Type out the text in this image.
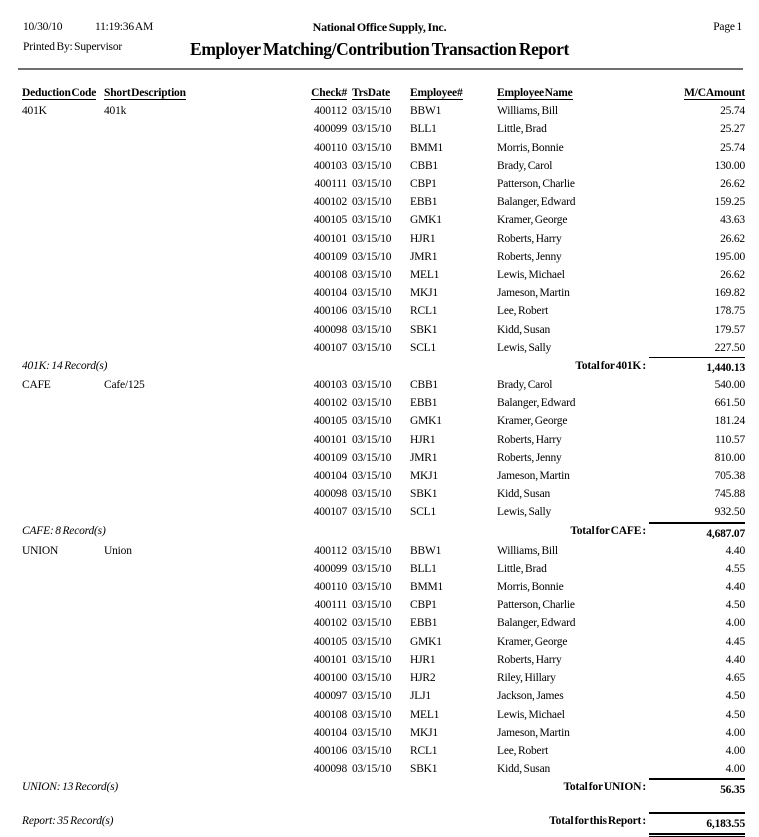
10/30/10	11:19:36 AM	National Office Supply, Inc.	Page 1
Printed By: Supervisor	Employer Matching/Contribution Transaction Report
Deduction Code Short Description	Check# TrsDate	Employee#	Employee Name	M/C Amount
401K	401k	400112 03/15/10	BBW1	Williams, Bill	25.74
400099 03/15/10	BLL1	Little, Brad	25.27
400110 03/15/10	BMM1	Morris, Bonnie	25.74
400103 03/15/10	CBB1	Brady, Carol	130.00
400111 03/15/10	CBP1	Patterson, Charlie	26.62
400102 03/15/10	EBB1	Balanger, Edward	159.25
400105 03/15/10	GMK1	Kramer, George	43.63
400101 03/15/10	HJR1	Roberts, Harry	26.62
400109 03/15/10	JMR1	Roberts, Jenny	195.00
400108 03/15/10	MEL1	Lewis, Michael	26.62
400104 03/15/10	MKJ1	Jameson, Martin	169.82
400106 03/15/10	RCL1	Lee, Robert	178.75
400098 03/15/10	SBK1	Kidd, Susan	179.57
400107 03/15/10	SCL1	Lewis, Sally	227.50
401K: 14 Record(s)	Total for 401K :	1,440.13
CAFE	Cafe/125	400103 03/15/10	CBB1	Brady, Carol	540.00
400102 03/15/10	EBB1	Balanger, Edward	661.50
400105 03/15/10	GMK1	Kramer, George	181.24
400101 03/15/10	HJR1	Roberts, Harry	110.57
400109 03/15/10	JMR1	Roberts, Jenny	810.00
400104 03/15/10	MKJ1	Jameson, Martin	705.38
400098 03/15/10	SBK1	Kidd, Susan	745.88
400107 03/15/10	SCL1	Lewis, Sally	932.50
CAFE: 8 Record(s)	Total for CAFE :	4,687.07
UNION	Union	400112 03/15/10	BBW1	Williams, Bill	4.40
400099 03/15/10	BLL1	Little, Brad	4.55
400110 03/15/10	BMM1	Morris, Bonnie	4.40
400111 03/15/10	CBP1	Patterson, Charlie	4.50
400102 03/15/10	EBB1	Balanger, Edward	4.00
400105 03/15/10	GMK1	Kramer, George	4.45
400101 03/15/10	HJR1	Roberts, Harry	4.40
400100 03/15/10	HJR2	Riley, Hillary	4.65
400097 03/15/10	JLJ1	Jackson, James	4.50
400108 03/15/10	MEL1	Lewis, Michael	4.50
400104 03/15/10	MKJ1	Jameson, Martin	4.00
400106 03/15/10	RCL1	Lee, Robert	4.00
400098 03/15/10	SBK1	Kidd, Susan	4.00
UNION: 13 Record(s)	Total for UNION :	56.35
Report: 35 Record(s)	Total for this Report :	6,183.55
